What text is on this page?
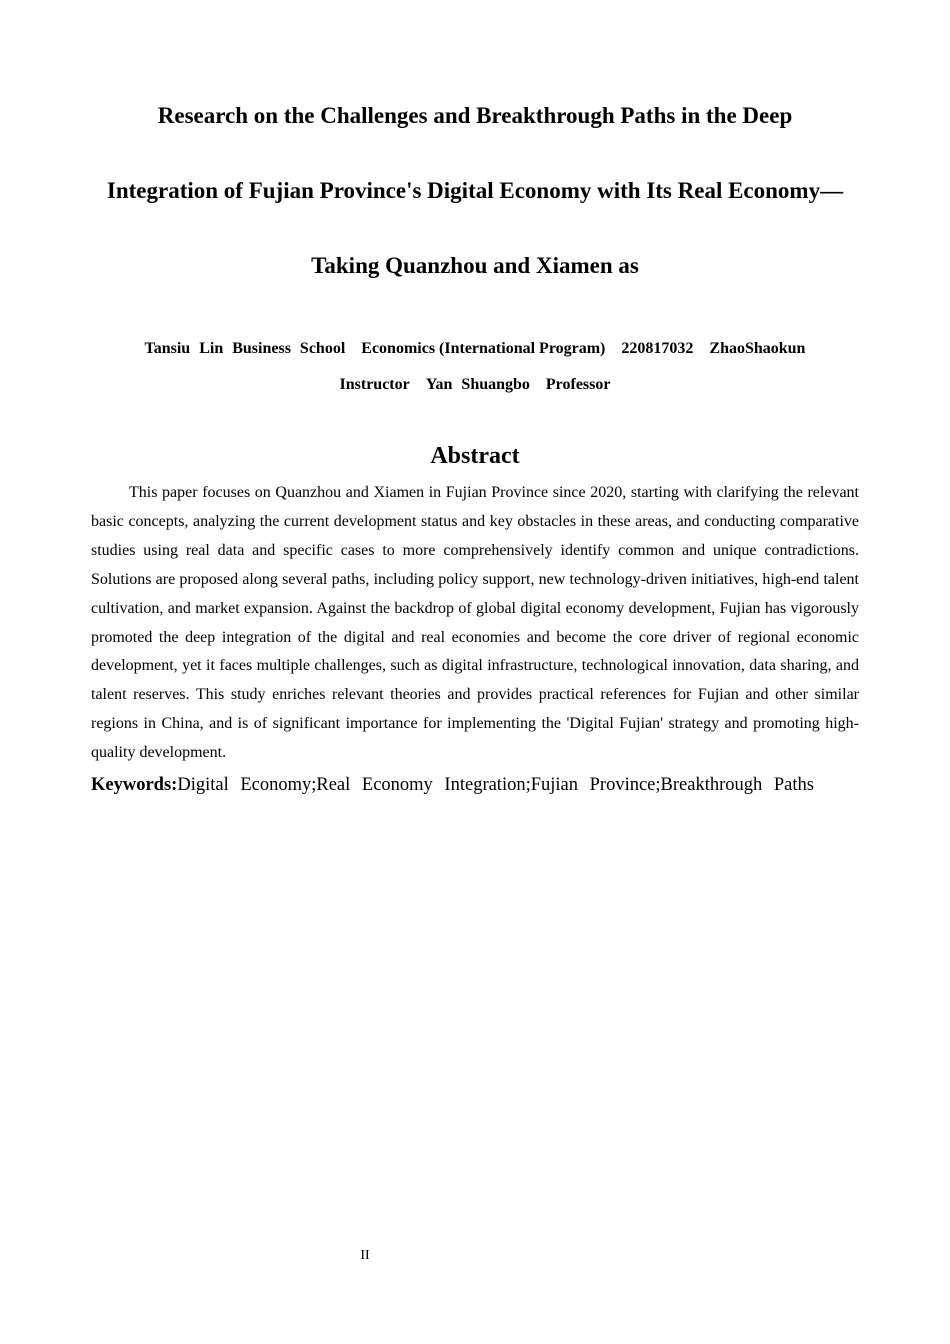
Research on the Challenges and Breakthrough Paths in the Deep
Integration of Fujian Province's Digital Economy with Its Real Economy—
Taking Quanzhou and Xiamen as
Tansiu Lin Business School Economics (International Program) 220817032 ZhaoShaokun
Instructor Yan Shuangbo Professor
Abstract

This paper focuses on Quanzhou and Xiamen in Fujian Province since 2020, starting with clarifying the relevant basic concepts, analyzing the current development status and key obstacles in these areas, and conducting comparative studies using real data and specific cases to more comprehensively identify common and unique contradictions. Solutions are proposed along several paths, including policy support, new technology-driven initiatives, high-end talent cultivation, and market expansion. Against the backdrop of global digital economy development, Fujian has vigorously promoted the deep integration of the digital and real economies and become the core driver of regional economic development, yet it faces multiple challenges, such as digital infrastructure, technological innovation, data sharing, and talent reserves. This study enriches relevant theories and provides practical references for Fujian and other similar regions in China, and is of significant importance for implementing the 'Digital Fujian' strategy and promoting high-quality development.

Keywords:Digital Economy;Real Economy Integration;Fujian Province;Breakthrough Paths
II
